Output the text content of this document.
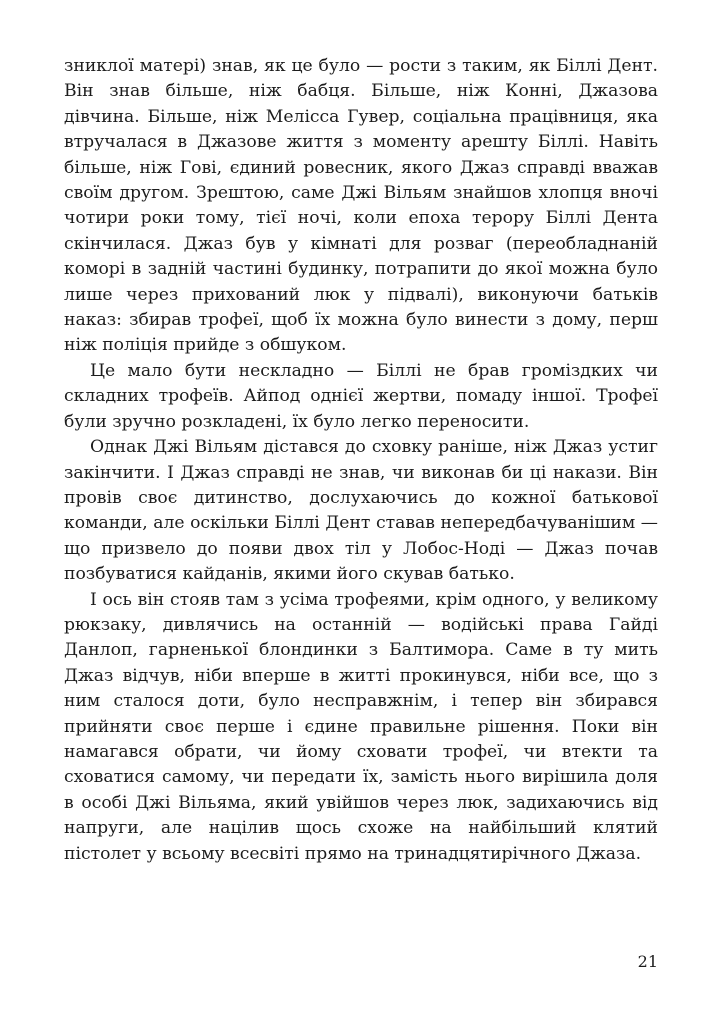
зниклої матері) знав, як це було — рости з таким, як Біллі Дент. Він знав більше, ніж бабця. Більше, ніж Конні, Джазова дівчина. Більше, ніж Мелісса Гувер, соціальна працівниця, яка втручалася в Джазове життя з моменту арешту Біллі. Навіть більше, ніж Гові, єдиний ровесник, якого Джаз справді вважав своїм другом. Зрештою, саме Джі Вільям знайшов хлопця вночі чотири роки тому, тієї ночі, коли епоха терору Біллі Дента скінчилася. Джаз був у кімнаті для розваг (переобладнаній коморі в задній частині будинку, потрапити до якої можна було лише через прихований люк у підвалі), виконуючи батьків наказ: збирав трофеї, щоб їх можна було винести з дому, перш ніж поліція прийде з обшуком.

Це мало бути нескладно — Біллі не брав громіздких чи складних трофеїв. Айпод однієї жертви, помаду іншої. Трофеї були зручно розкладені, їх було легко переносити.

Однак Джі Вільям дістався до сховку раніше, ніж Джаз устиг закінчити. І Джаз справді не знав, чи виконав би ці накази. Він провів своє дитинство, дослухаючись до кожної батькової команди, але оскільки Біллі Дент ставав непередбачуванішим — що призвело до появи двох тіл у Лобос-Ноді — Джаз почав позбуватися кайданів, якими його скував батько.

І ось він стояв там з усіма трофеями, крім одного, у великому рюкзаку, дивлячись на останній — водійські права Гайді Данлоп, гарненької блондинки з Балтимора. Саме в ту мить Джаз відчув, ніби вперше в житті прокинувся, ніби все, що з ним сталося доти, було несправжнім, і тепер він збирався прийняти своє перше і єдине правильне рішення. Поки він намагався обрати, чи йому сховати трофеї, чи втекти та сховатися самому, чи передати їх, замість нього вирішила доля в особі Джі Вільяма, який увійшов через люк, задихаючись від напруги, але націлив щось схоже на найбільший клятий пістолет у всьому всесвіті прямо на тринадцятирічного Джаза.

21
